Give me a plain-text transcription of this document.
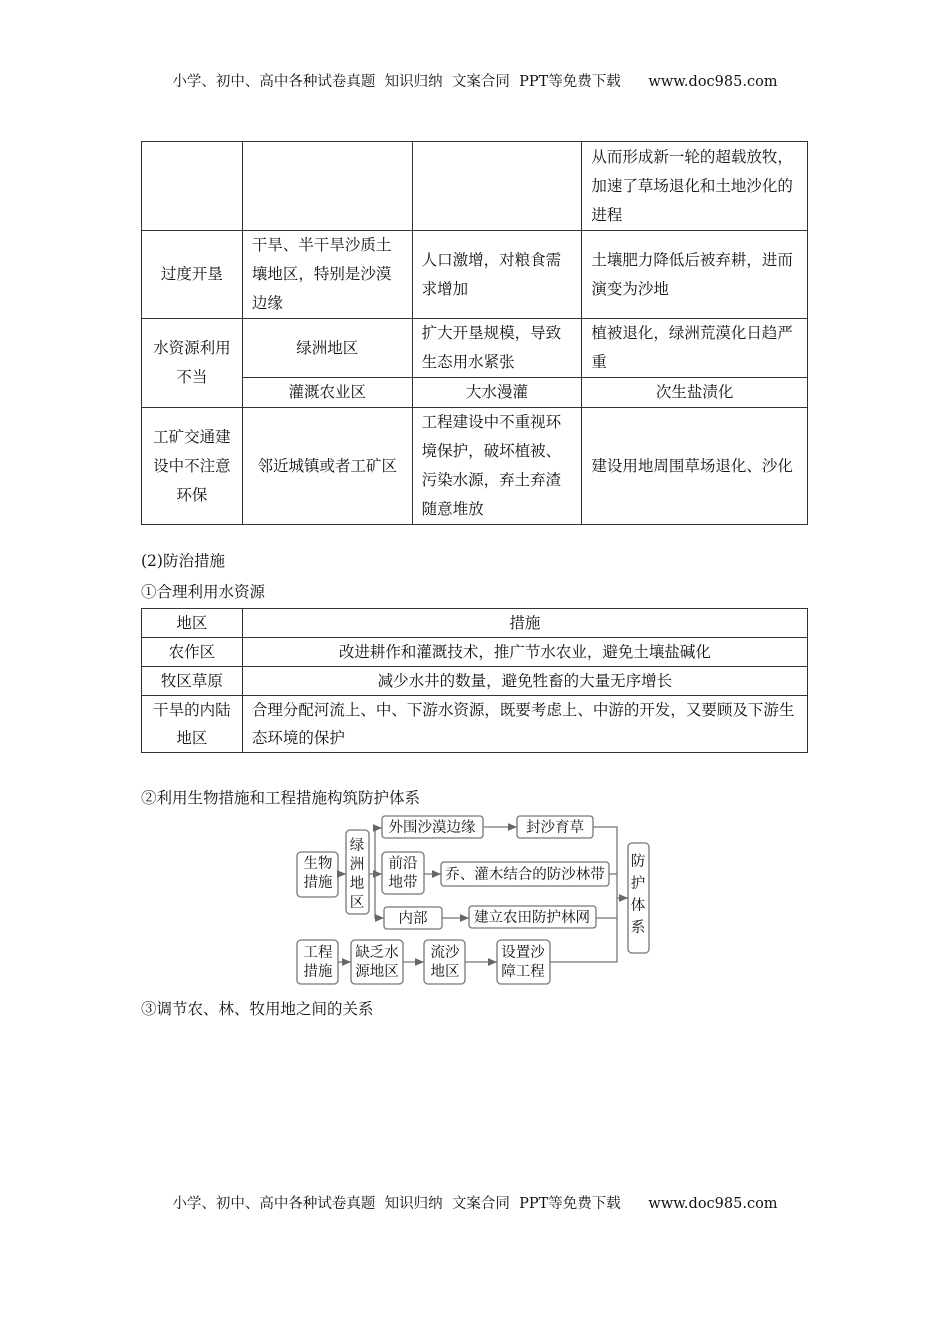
小学、初中、高中各种试卷真题  知识归纳  文案合同  PPT等免费下载      www.doc985.com
			从而形成新一轮的超载放牧，加速了草场退化和土地沙化的进程
过度开垦	干旱、半干旱沙质土壤地区，特别是沙漠边缘	人口激增，对粮食需求增加	土壤肥力降低后被弃耕，进而演变为沙地
水资源利用不当	绿洲地区	扩大开垦规模，导致生态用水紧张	植被退化，绿洲荒漠化日趋严重
	灌溉农业区	大水漫灌	次生盐渍化
工矿交通建设中不注意环保	邻近城镇或者工矿区	工程建设中不重视环境保护，破坏植被、污染水源，弃土弃渣随意堆放	建设用地周围草场退化、沙化
(2)防治措施
①合理利用水资源
地区	措施
农作区	改进耕作和灌溉技术，推广节水农业，避免土壤盐碱化
牧区草原	减少水井的数量，避免牲畜的大量无序增长
干旱的内陆地区	合理分配河流上、中、下游水资源，既要考虑上、中游的开发，又要顾及下游生态环境的保护
②利用生物措施和工程措施构筑防护体系
生物措施
绿洲地区
外围沙漠边缘	封沙育草
前沿地带 乔、灌木结合的防沙林带
内部	建立农田防护林网
防护体系
工程措施
缺乏水源地区
流沙地区
设置沙障工程
③调节农、林、牧用地之间的关系
小学、初中、高中各种试卷真题  知识归纳  文案合同  PPT等免费下载      www.doc985.com
